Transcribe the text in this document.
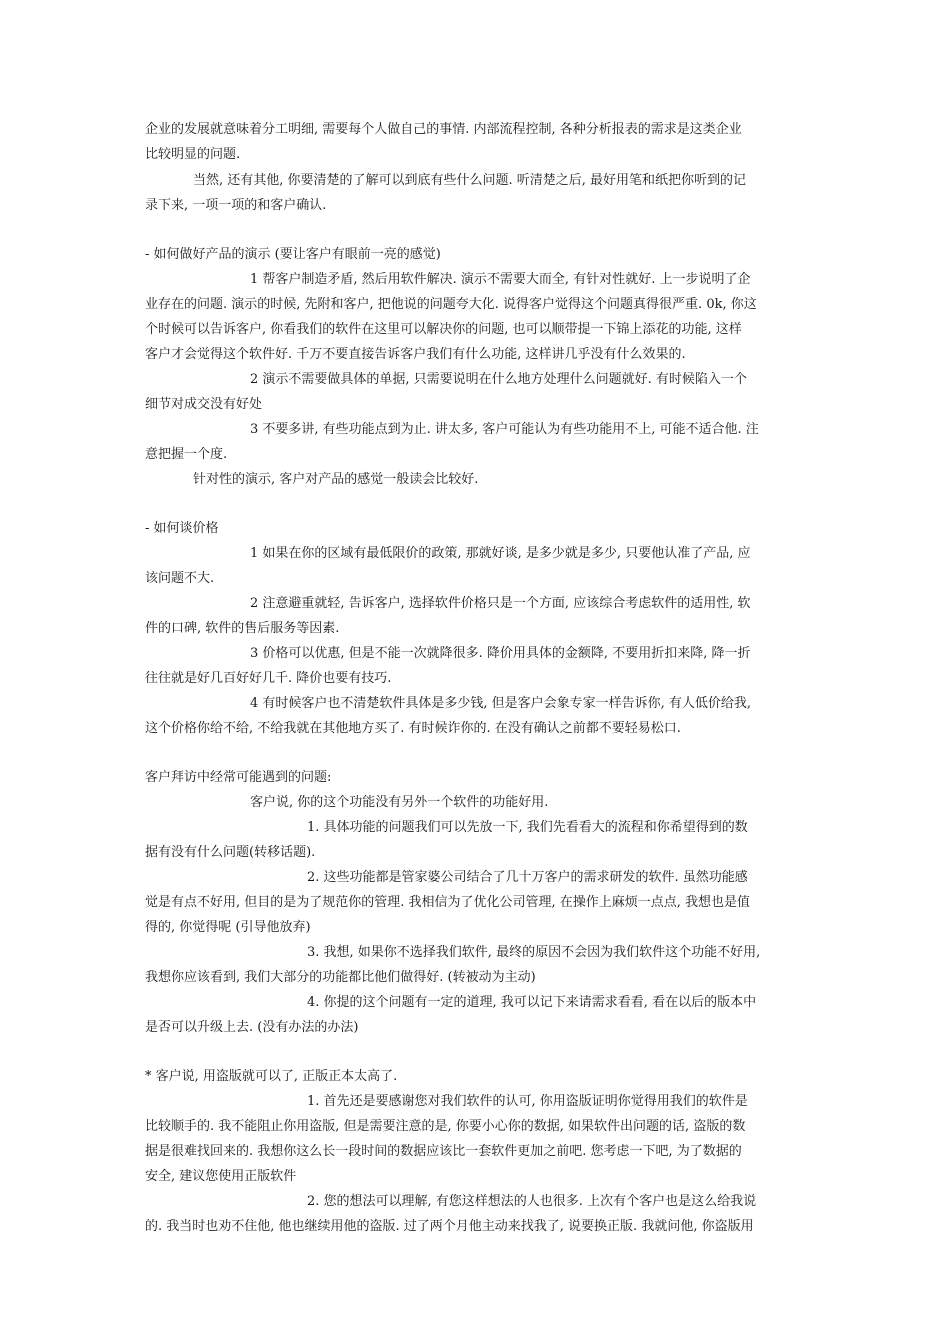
企业的发展就意味着分工明细, 需要每个人做自己的事情. 内部流程控制, 各种分析报表的需求是这类企业
比较明显的问题.
当然, 还有其他, 你要清楚的了解可以到底有些什么问题. 听清楚之后, 最好用笔和纸把你听到的记
录下来, 一项一项的和客户确认.
- 如何做好产品的演示 (要让客户有眼前一亮的感觉)
1 帮客户制造矛盾, 然后用软件解决. 演示不需要大而全, 有针对性就好. 上一步说明了企
业存在的问题. 演示的时候, 先附和客户, 把他说的问题夸大化. 说得客户觉得这个问题真得很严重. 0k, 你这
个时候可以告诉客户, 你看我们的软件在这里可以解决你的问题, 也可以顺带提一下锦上添花的功能, 这样
客户才会觉得这个软件好. 千万不要直接告诉客户我们有什么功能, 这样讲几乎没有什么效果的.
2 演示不需要做具体的单据, 只需要说明在什么地方处理什么问题就好. 有时候陷入一个
细节对成交没有好处
3 不要多讲, 有些功能点到为止. 讲太多, 客户可能认为有些功能用不上, 可能不适合他. 注
意把握一个度.
针对性的演示, 客户对产品的感觉一般读会比较好.
- 如何谈价格
1 如果在你的区域有最低限价的政策, 那就好谈, 是多少就是多少, 只要他认准了产品, 应
该问题不大.
2 注意避重就轻, 告诉客户, 选择软件价格只是一个方面, 应该综合考虑软件的适用性, 软
件的口碑, 软件的售后服务等因素.
3 价格可以优惠, 但是不能一次就降很多. 降价用具体的金额降, 不要用折扣来降, 降一折
往往就是好几百好好几千. 降价也要有技巧.
4 有时候客户也不清楚软件具体是多少钱, 但是客户会象专家一样告诉你, 有人低价给我,
这个价格你给不给, 不给我就在其他地方买了. 有时候诈你的. 在没有确认之前都不要轻易松口.
客户拜访中经常可能遇到的问题:
客户说, 你的这个功能没有另外一个软件的功能好用.
1. 具体功能的问题我们可以先放一下, 我们先看看大的流程和你希望得到的数
据有没有什么问题(转移话题).
2. 这些功能都是管家婆公司结合了几十万客户的需求研发的软件. 虽然功能感
觉是有点不好用, 但目的是为了规范你的管理. 我相信为了优化公司管理, 在操作上麻烦一点点, 我想也是值
得的, 你觉得呢 (引导他放弃)
3. 我想, 如果你不选择我们软件, 最终的原因不会因为我们软件这个功能不好用,
我想你应该看到, 我们大部分的功能都比他们做得好. (转被动为主动)
4. 你提的这个问题有一定的道理, 我可以记下来请需求看看, 看在以后的版本中
是否可以升级上去. (没有办法的办法)
* 客户说, 用盗版就可以了, 正版正本太高了.
1. 首先还是要感谢您对我们软件的认可, 你用盗版证明你觉得用我们的软件是
比较顺手的. 我不能阻止你用盗版, 但是需要注意的是, 你要小心你的数据, 如果软件出问题的话, 盗版的数
据是很难找回来的. 我想你这么长一段时间的数据应该比一套软件更加之前吧. 您考虑一下吧, 为了数据的
安全, 建议您使用正版软件
2. 您的想法可以理解, 有您这样想法的人也很多. 上次有个客户也是这么给我说
的. 我当时也劝不住他, 他也继续用他的盗版. 过了两个月他主动来找我了, 说要换正版. 我就问他, 你盗版用
